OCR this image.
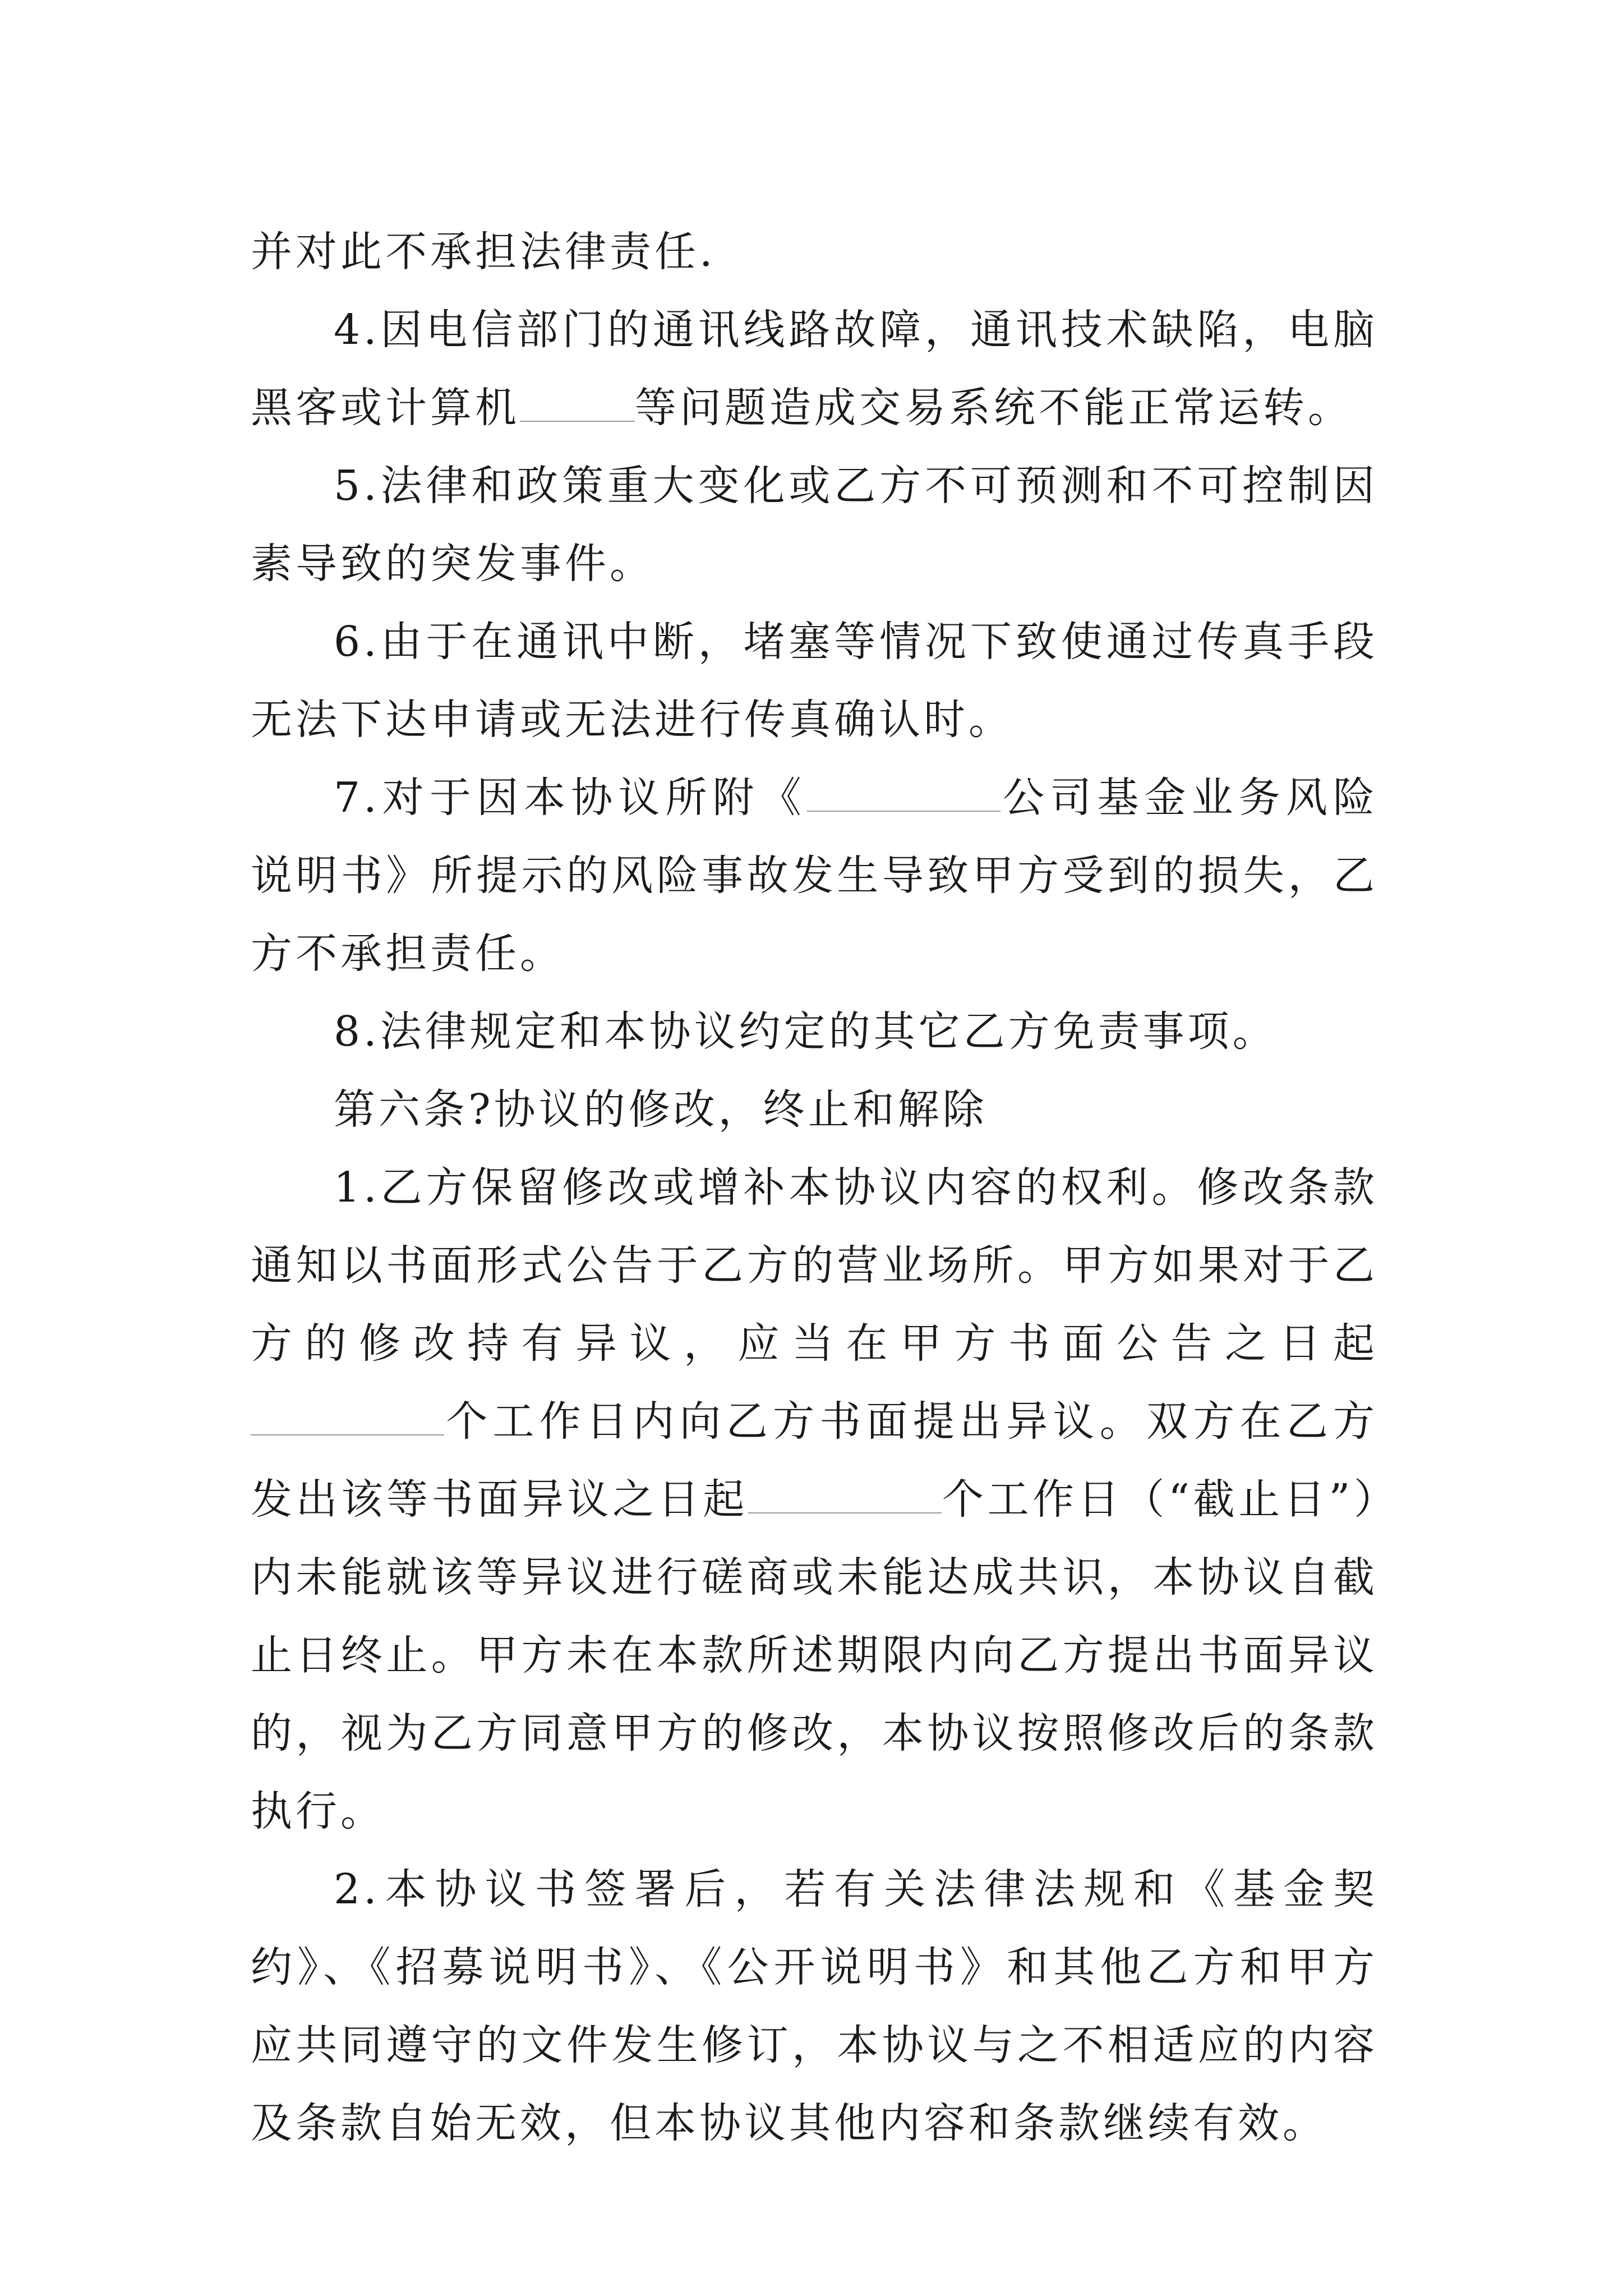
并对此不承担法律责任.

4.因电信部门的通讯线路故障，通讯技术缺陷，电脑黑客或计算机	等问题造成交易系统不能正常运转。

5.法律和政策重大变化或乙方不可预测和不可控制因素导致的突发事件。

6.由于在通讯中断，堵塞等情况下致使通过传真手段无法下达申请或无法进行传真确认时。

7.对于因本协议所附《	公司基金业务风险说明书》所提示的风险事故发生导致甲方受到的损失，乙方不承担责任。

8.法律规定和本协议约定的其它乙方免责事项。

第六条?协议的修改，终止和解除

1.乙方保留修改或增补本协议内容的权利。修改条款通知以书面形式公告于乙方的营业场所。甲方如果对于乙方的修改持有异议，应当在甲方书面公告之日起个工作日内向乙方书面提出异议。双方在乙方发出该等书面异议之日起	个工作日（“截止日”）内未能就该等异议进行磋商或未能达成共识，本协议自截止日终止。甲方未在本款所述期限内向乙方提出书面异议的，视为乙方同意甲方的修改，本协议按照修改后的条款执行。

2.本协议书签署后，若有关法律法规和《基金契约》、《招募说明书》、《公开说明书》和其他乙方和甲方应共同遵守的文件发生修订，本协议与之不相适应的内容及条款自始无效，但本协议其他内容和条款继续有效。
